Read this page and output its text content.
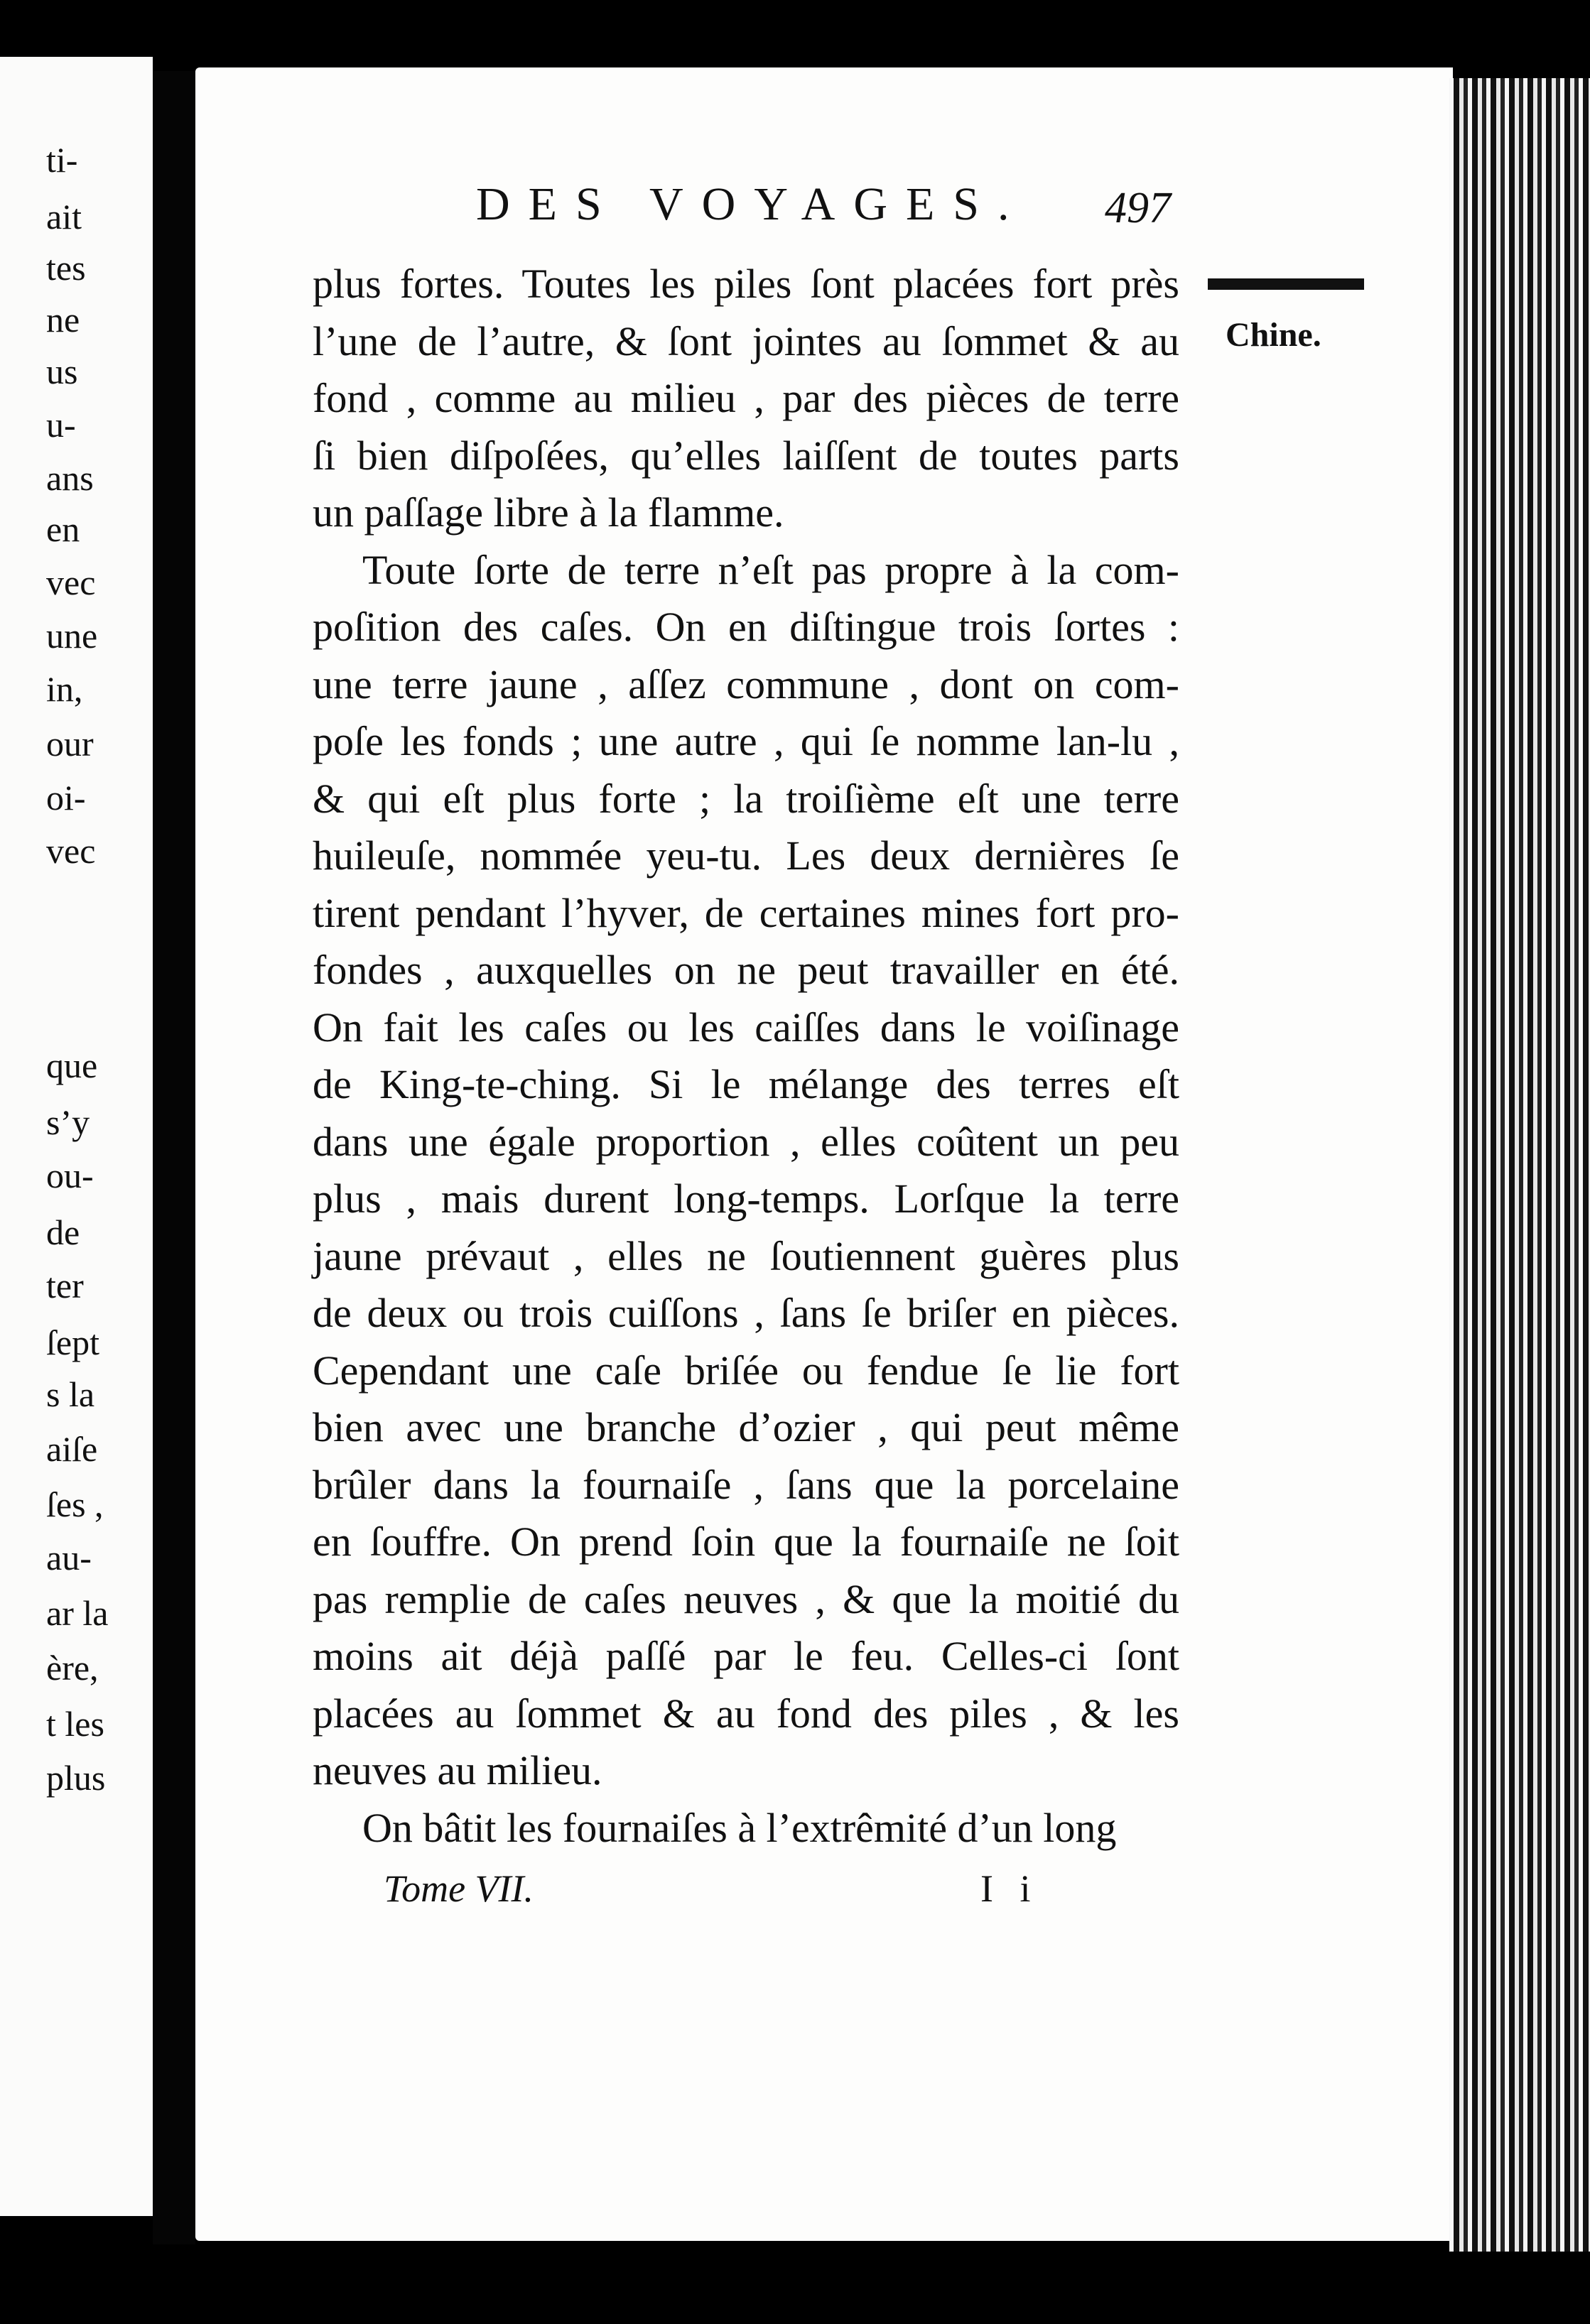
ti-
ait
tes
ne
us
u-
ans
en
vec
une
in,
our
oi-
vec
que
s’y
ou-
de
ter
ſept
s la
aiſe
ſes ,
au-
ar la
ère,
t les
plus
DES VOYAGES. 497
Chine.
plus fortes. Toutes les piles ſont placées fort près
l’une de l’autre, & ſont jointes au ſommet & au
fond , comme au milieu , par des pièces de terre
ſi bien diſpoſées, qu’elles laiſſent de toutes parts
un paſſage libre à la flamme.
Toute ſorte de terre n’eſt pas propre à la com-
poſition des caſes. On en diſtingue trois ſortes :
une terre jaune , aſſez commune , dont on com-
poſe les fonds ; une autre , qui ſe nomme lan-lu ,
& qui eſt plus forte ; la troiſième eſt une terre
huileuſe, nommée yeu-tu. Les deux dernières ſe
tirent pendant l’hyver, de certaines mines fort pro-
fondes , auxquelles on ne peut travailler en été.
On fait les caſes ou les caiſſes dans le voiſinage
de King-te-ching. Si le mélange des terres eſt
dans une égale proportion , elles coûtent un peu
plus , mais durent long-temps. Lorſque la terre
jaune prévaut , elles ne ſoutiennent guères plus
de deux ou trois cuiſſons , ſans ſe briſer en pièces.
Cependant une caſe briſée ou fendue ſe lie fort
bien avec une branche d’ozier , qui peut même
brûler dans la fournaiſe , ſans que la porcelaine
en ſouffre. On prend ſoin que la fournaiſe ne ſoit
pas remplie de caſes neuves , & que la moitié du
moins ait déjà paſſé par le feu. Celles-ci ſont
placées au ſommet & au fond des piles , & les
neuves au milieu.
On bâtit les fournaiſes à l’extrêmité d’un long
Tome VII.	I i
